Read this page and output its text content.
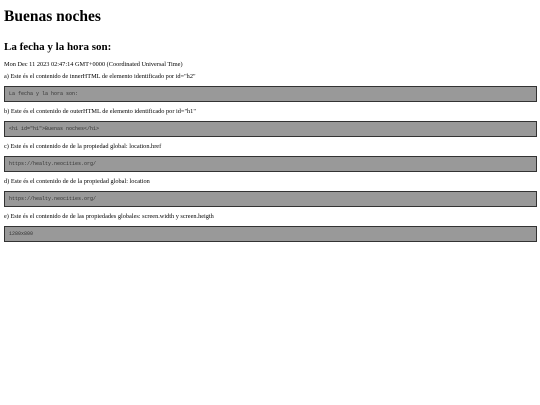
Buenas noches
La fecha y la hora son:
Mon Dec 11 2023 02:47:14 GMT+0000 (Coordinated Universal Time)
a) Este és el contenido de innerHTML de elemento identificado por id="h2"
La fecha y la hora son:
b) Este és el contenido de outerHTML de elemento identificado por id="h1"
<h1 id="h1">Buenas noches</h1>
c) Este és el contenido de de la propiedad global: location.href
https://healty.neocities.org/
d) Este és el contenido de de la propiedad global: location
https://healty.neocities.org/
e) Este és el contenido de de las propiedades globales: screen.width y screen.heigth
1280x800
